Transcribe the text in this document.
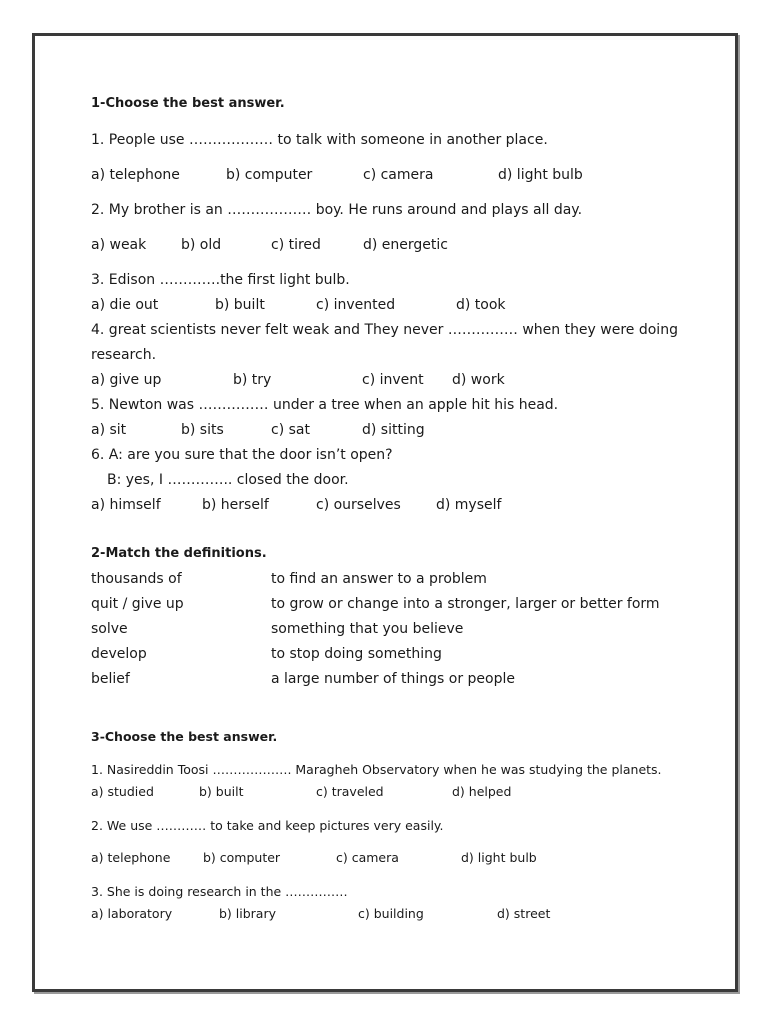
1-Choose the best answer.
1. People use ……………… to talk with someone in another place.
a) telephone	b) computer	c) camera	d) light bulb
2. My brother is an ……………… boy. He runs around and plays all day.
a) weak b) old	c) tired	d) energetic
3. Edison ………….the first light bulb.
a) die out	b) built	c) invented	d) took
4. great scientists never felt weak and They never …………… when they were doing
research.
a) give up	b) try	c) invent d) work
5. Newton was …………… under a tree when an apple hit his head.
a) sit	b) sits	c) sat	d) sitting
6. A: are you sure that the door isn’t open?
B: yes, I ………….. closed the door.
a) himself	b) herself	c) ourselves	d) myself
2-Match the definitions.
thousands of	to find an answer to a problem
quit / give up	to grow or change into a stronger, larger or better form
solve	something that you believe
develop	to stop doing something
belief	a large number of things or people
3-Choose the best answer.
1. Nasireddin Toosi ………………. Maragheh Observatory when he was studying the planets.
a) studied	b) built	c) traveled	d) helped
2. We use ………… to take and keep pictures very easily.
a) telephone	b) computer	c) camera	d) light bulb
3. She is doing research in the ……………
a) laboratory	b) library	c) building	d) street
